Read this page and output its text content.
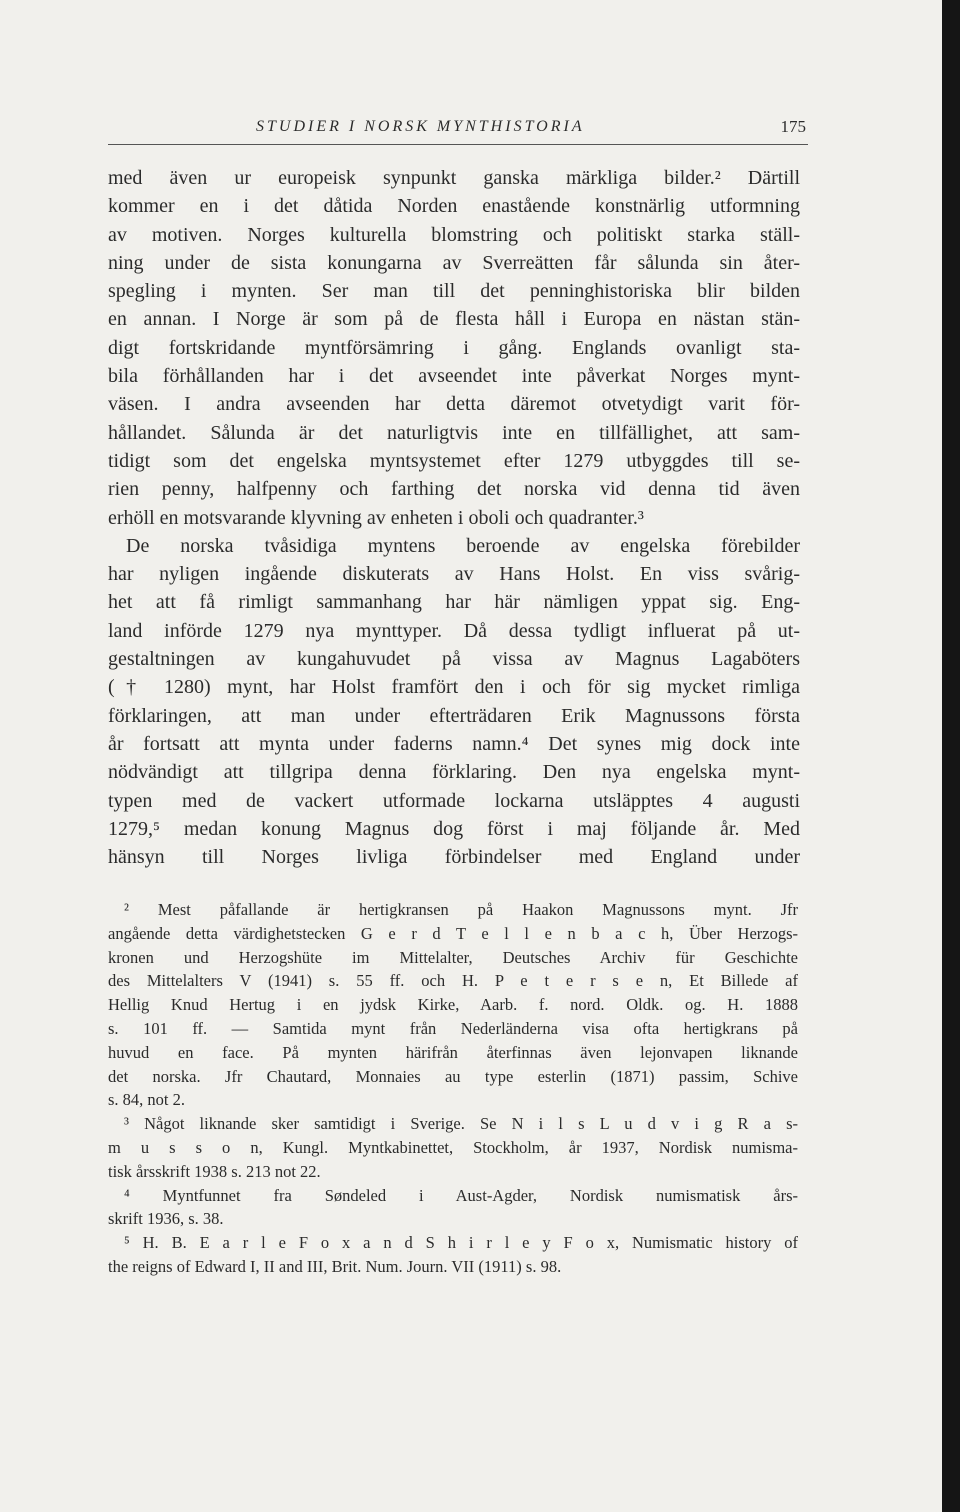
STUDIER I NORSK MYNTHISTORIA	175
med även ur europeisk synpunkt ganska märkliga bilder.² Därtill
kommer en i det dåtida Norden enastående konstnärlig utformning
av motiven. Norges kulturella blomstring och politiskt starka ställ-
ning under de sista konungarna av Sverreätten får sålunda sin åter-
spegling i mynten. Ser man till det penninghistoriska blir bilden
en annan. I Norge är som på de flesta håll i Europa en nästan stän-
digt fortskridande myntförsämring i gång. Englands ovanligt sta-
bila förhållanden har i det avseendet inte påverkat Norges mynt-
väsen. I andra avseenden har detta däremot otvetydigt varit för-
hållandet. Sålunda är det naturligtvis inte en tillfällighet, att sam-
tidigt som det engelska myntsystemet efter 1279 utbyggdes till se-
rien penny, halfpenny och farthing det norska vid denna tid även
erhöll en motsvarande klyvning av enheten i oboli och quadranter.³
De norska tvåsidiga myntens beroende av engelska förebilder
har nyligen ingående diskuterats av Hans Holst. En viss svårig-
het att få rimligt sammanhang har här nämligen yppat sig. Eng-
land införde 1279 nya mynttyper. Då dessa tydligt influerat på ut-
gestaltningen av kungahuvudet på vissa av Magnus Lagaböters
(† 1280) mynt, har Holst framfört den i och för sig mycket rimliga
förklaringen, att man under efterträdaren Erik Magnussons första
år fortsatt att mynta under faderns namn.⁴ Det synes mig dock inte
nödvändigt att tillgripa denna förklaring. Den nya engelska mynt-
typen med de vackert utformade lockarna utsläpptes 4 augusti
1279,⁵ medan konung Magnus dog först i maj följande år. Med
hänsyn till Norges livliga förbindelser med England under
² Mest påfallande är hertigkransen på Haakon Magnussons mynt. Jfr
angående detta värdighetstecken G e r d T e l l e n b a c h, Über Herzogs-
kronen und Herzogshüte im Mittelalter, Deutsches Archiv für Geschichte
des Mittelalters V (1941) s. 55 ff. och H. P e t e r s e n, Et Billede af
Hellig Knud Hertug i en jydsk Kirke, Aarb. f. nord. Oldk. og. H. 1888
s. 101 ff. — Samtida mynt från Nederländerna visa ofta hertigkrans på
huvud en face. På mynten härifrån återfinnas även lejonvapen liknande
det norska. Jfr Chautard, Monnaies au type esterlin (1871) passim, Schive
s. 84, not 2.
³ Något liknande sker samtidigt i Sverige. Se N i l s L u d v i g R a s-
m u s s o n, Kungl. Myntkabinettet, Stockholm, år 1937, Nordisk numisma-
tisk årsskrift 1938 s. 213 not 22.
⁴ Myntfunnet fra Søndeled i Aust-Agder, Nordisk numismatisk års-
skrift 1936, s. 38.
⁵ H. B. E a r l e F o x a n d S h i r l e y F o x, Numismatic history of
the reigns of Edward I, II and III, Brit. Num. Journ. VII (1911) s. 98.
